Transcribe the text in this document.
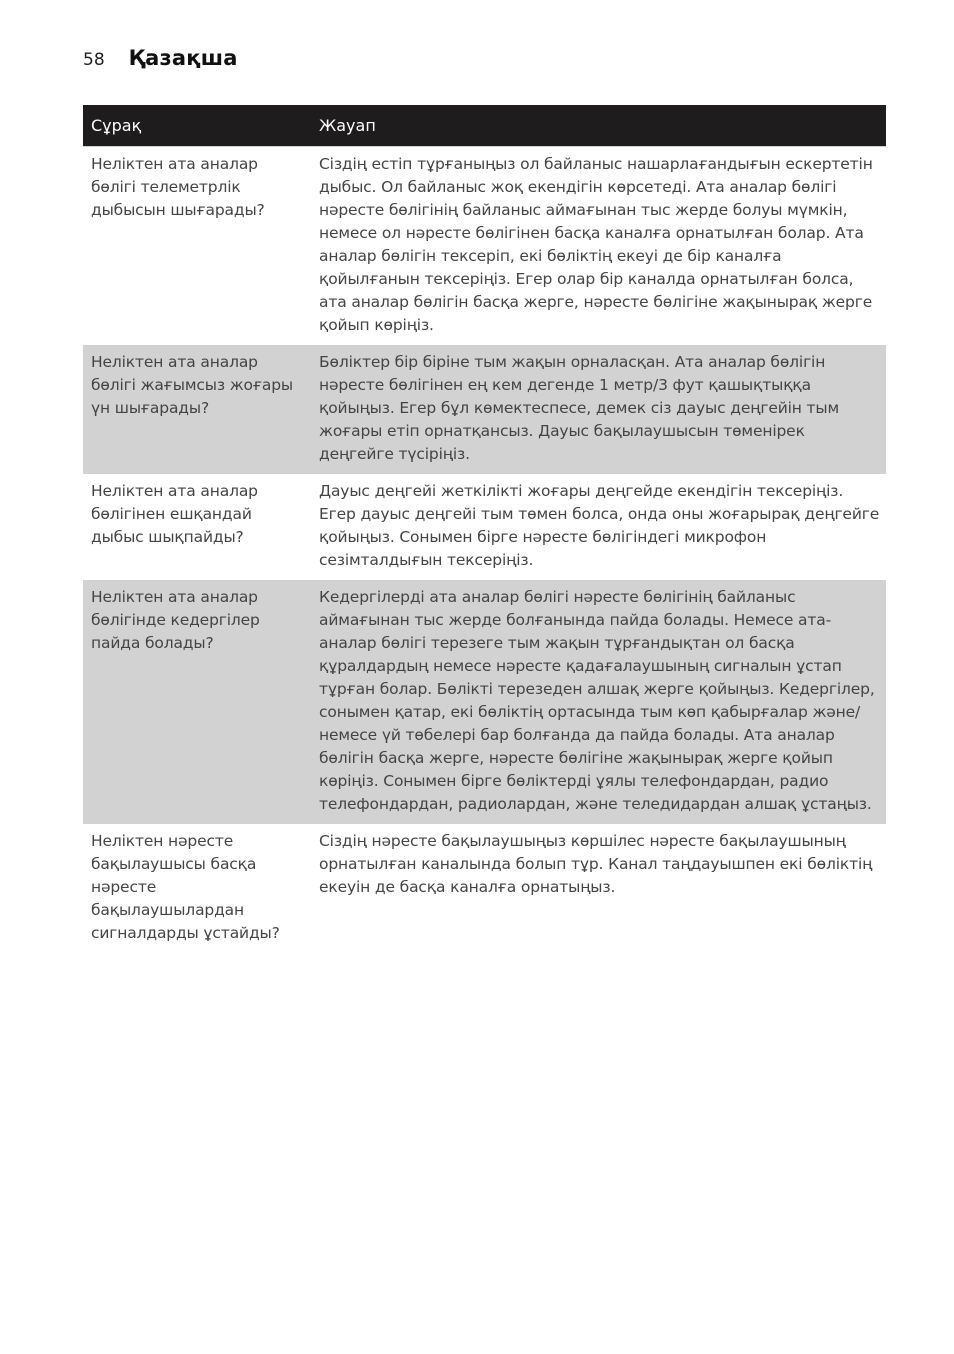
58 Қазақша
Сұрақ	Жауап
Неліктен ата аналар бөлігі телеметрлік дыбысын шығарады?	Сіздің естіп тұрғаныңыз ол байланыс нашарлағандығын ескертетін дыбыс. Ол байланыс жоқ екендігін көрсетеді. Ата аналар бөлігі нәресте бөлігінің байланыс аймағынан тыс жерде болуы мүмкін, немесе ол нәресте бөлігінен басқа каналға орнатылған болар. Ата аналар бөлігін тексеріп, екі бөліктің екеуі де бір каналға қойылғанын тексеріңіз. Егер олар бір каналда орнатылған болса, ата аналар бөлігін басқа жерге, нәресте бөлігіне жақынырақ жерге қойып көріңіз.
Неліктен ата аналар бөлігі жағымсыз жоғары үн шығарады?	Бөліктер бір біріне тым жақын орналасқан. Ата аналар бөлігін нәресте бөлігінен ең кем дегенде 1 метр/3 фут қашықтыққа қойыңыз. Егер бұл көмектеспесе, демек сіз дауыс деңгейін тым жоғары етіп орнатқансыз. Дауыс бақылаушысын төменірек деңгейге түсіріңіз.
Неліктен ата аналар бөлігінен ешқандай дыбыс шықпайды?	Дауыс деңгейі жеткілікті жоғары деңгейде екендігін тексеріңіз. Егер дауыс деңгейі тым төмен болса, онда оны жоғарырақ деңгейге қойыңыз. Сонымен бірге нәресте бөлігіндегі микрофон сезімталдығын тексеріңіз.
Неліктен ата аналар бөлігінде кедергілер пайда болады?	Кедергілерді ата аналар бөлігі нәресте бөлігінің байланыс аймағынан тыс жерде болғанында пайда болады. Немесе ата-аналар бөлігі терезеге тым жақын тұрғандықтан ол басқа құралдардың немесе нәресте қадағалаушының сигналын ұстап тұрған болар. Бөлікті терезеден алшақ жерге қойыңыз. Кедергілер, сонымен қатар, екі бөліктің ортасында тым көп қабырғалар және/немесе үй төбелері бар болғанда да пайда болады. Ата аналар бөлігін басқа жерге, нәресте бөлігіне жақынырақ жерге қойып көріңіз. Сонымен бірге бөліктерді ұялы телефондардан, радио телефондардан, радиолардан, және теледидардан алшақ ұстаңыз.
Неліктен нәресте бақылаушысы басқа нәресте бақылаушылардан сигналдарды ұстайды?	Сіздің нәресте бақылаушыңыз көршілес нәресте бақылаушының орнатылған каналында болып тұр. Канал таңдауышпен екі бөліктің екеуін де басқа каналға орнатыңыз.
